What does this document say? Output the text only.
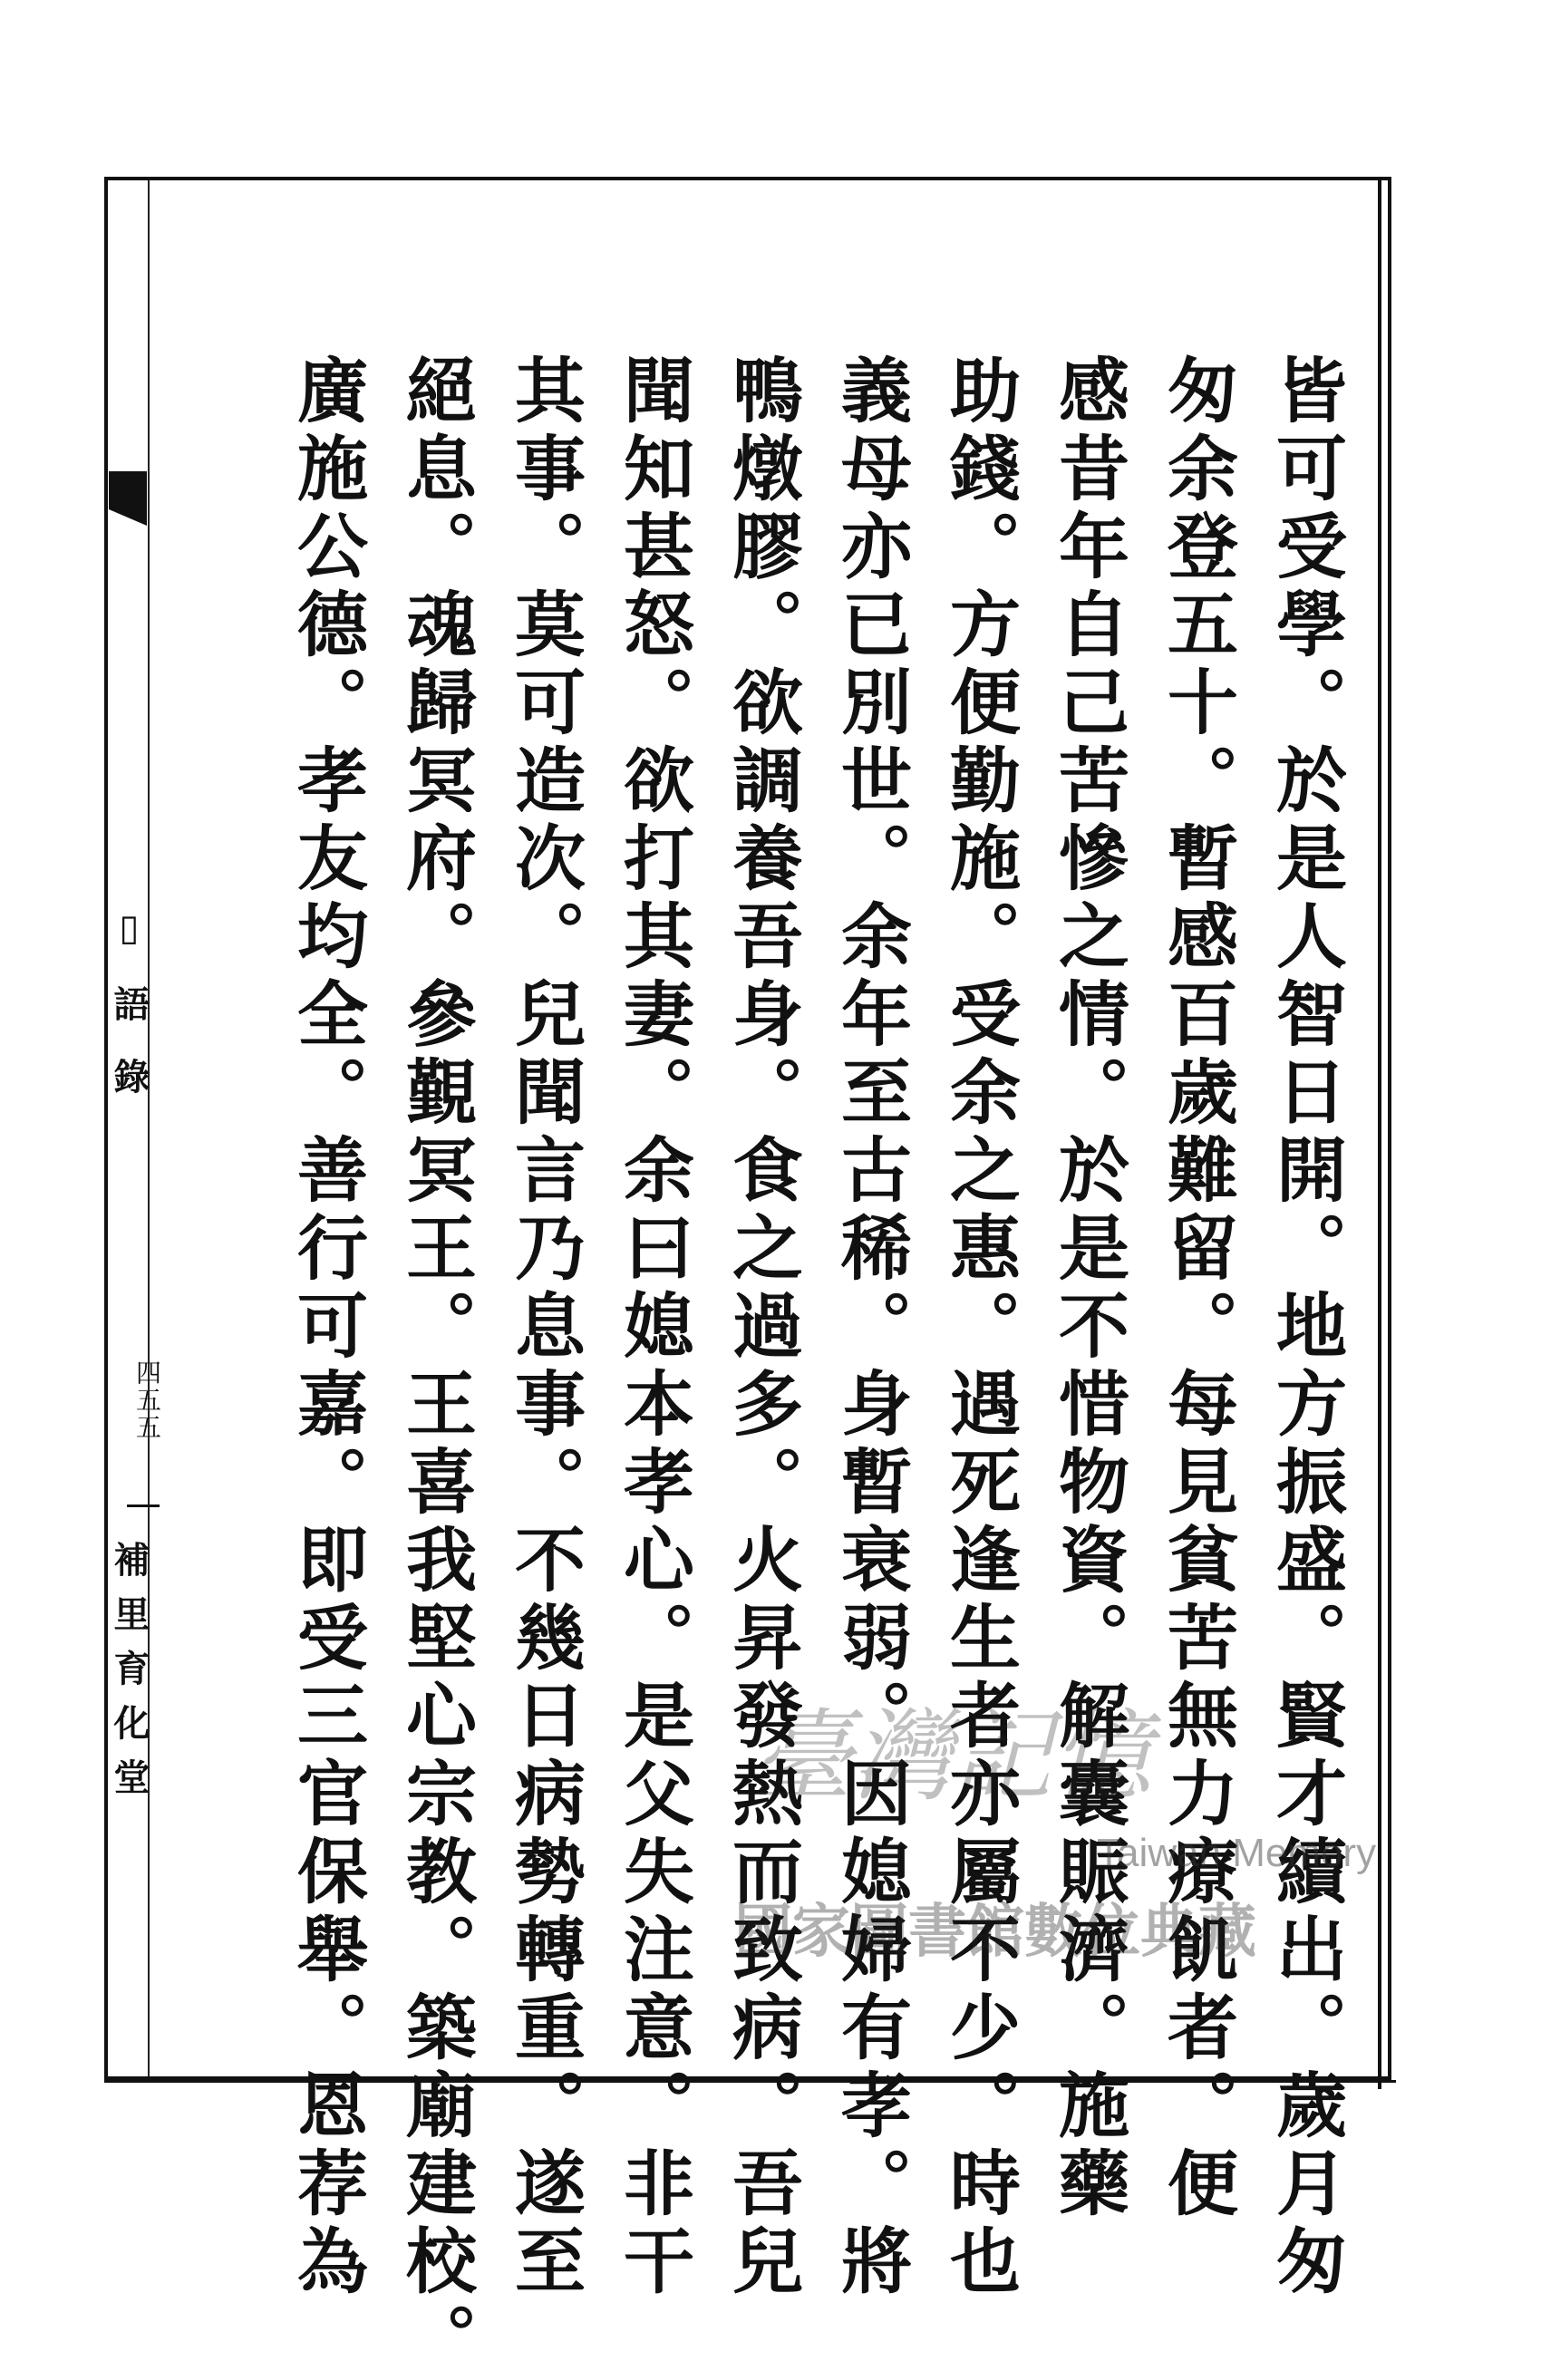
▯語錄
四五五
補里育化堂	皆可受學。於是人智日開。地方振盛。賢才續出。歲月匆
匆余登五十。暫感百歲難留。每見貧苦無力療飢者。便
感昔年自己苦慘之情。於是不惜物資。解囊賑濟。施藥
助錢。方便勤施。受余之惠。遇死逢生者亦屬不少。時也
義母亦已別世。余年至古稀。身暫衰弱。因媳婦有孝。將
鴨燉膠。欲調養吾身。食之過多。火昇發熱而致病。吾兒
聞知甚怒。欲打其妻。余曰媳本孝心。是父失注意。非干
其事。莫可造次。兒聞言乃息事。不幾日病勢轉重。遂至
絕息。魂歸冥府。參覲冥王。王喜我堅心宗教。築廟建校。
廣施公德。孝友均全。善行可嘉。即受三官保舉。恩荐為	臺灣記憶
Taiwan Memory
國家圖書館數位典藏
